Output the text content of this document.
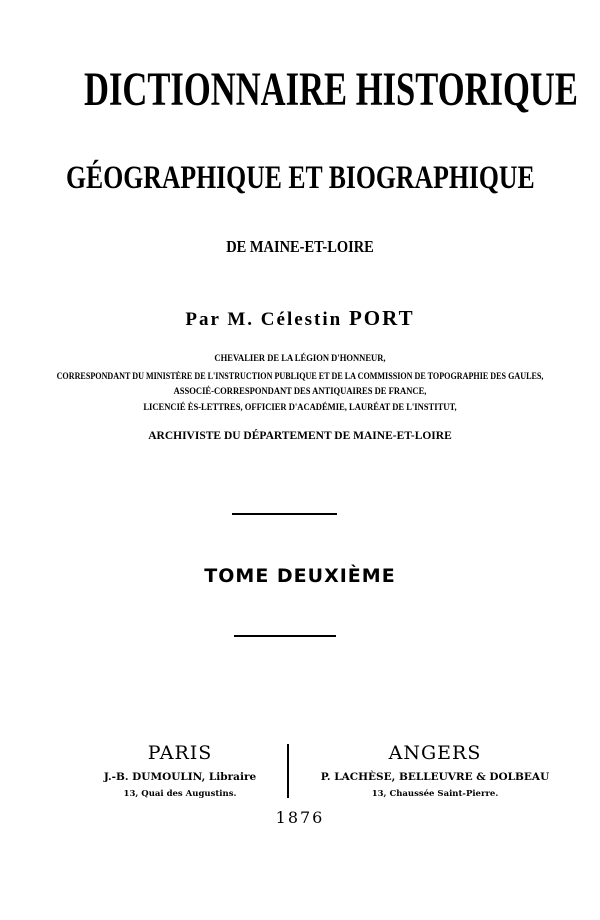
DICTIONNAIRE HISTORIQUE
GÉOGRAPHIQUE ET BIOGRAPHIQUE
DE MAINE-ET-LOIRE
Par M. Célestin PORT
CHEVALIER DE LA LÉGION D'HONNEUR,
CORRESPONDANT DU MINISTÈRE DE L'INSTRUCTION PUBLIQUE ET DE LA COMMISSION DE TOPOGRAPHIE DES GAULES,
ASSOCIÉ-CORRESPONDANT DES ANTIQUAIRES DE FRANCE,
LICENCIÉ ÈS-LETTRES, OFFICIER D'ACADÉMIE, LAURÉAT DE L'INSTITUT,
ARCHIVISTE DU DÉPARTEMENT DE MAINE-ET-LOIRE
TOME DEUXIÈME
PARIS
J.-B. DUMOULIN, Libraire
13, Quai des Augustins.
ANGERS
P. LACHÈSE, BELLEUVRE & DOLBEAU
13, Chaussée Saint-Pierre.
1876
